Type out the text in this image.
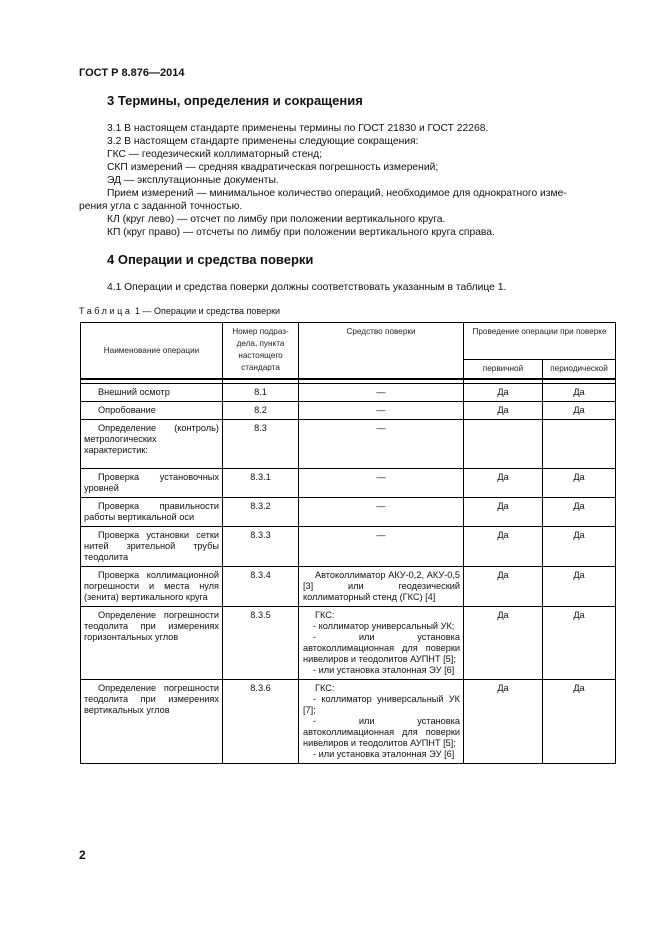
ГОСТ Р 8.876—2014
3 Термины, определения и сокращения
3.1 В настоящем стандарте применены термины по ГОСТ 21830 и ГОСТ 22268.
3.2 В настоящем стандарте применены следующие сокращения:
ГКС — геодезический коллиматорный стенд;
СКП измерений — средняя квадратическая погрешность измерений;
ЭД — эксплутационные документы.
Прием измерений — минимальное количество операций, необходимое для однократного изме-
рения угла с заданной точностью.
КЛ (круг лево) — отсчет по лимбу при положении вертикального круга.
КП (круг право) — отсчеты по лимбу при положении вертикального круга справа.
4 Операции и средства поверки
4.1 Операции и средства поверки должны соответствовать указанным в таблице 1.
Таблица 1 — Операции и средства поверки
Наименование операции	Номер подраз-дела, пункта настоящего стандарта	Средство поверки	Проведение операции при поверке	
			первичной	периодической

Внешний осмотр	8.1	—	Да	Да
Опробование	8.2	—	Да	Да
Определение (контроль) метрологических характеристик:	8.3	—		
Проверка установочных уровней	8.3.1	—	Да	Да
Проверка правильности работы вертикальной оси	8.3.2	—	Да	Да
Проверка установки сетки нитей зрительной трубы теодолита	8.3.3	—	Да	Да
Проверка коллимационной погрешности и места нуля (зенита) вертикального круга	8.3.4	Автоколлиматор АКУ-0,2, АКУ-0,5 [3] или геодезический коллиматорный стенд (ГКС) [4]	Да	Да
Определение погрешности теодолита при измерениях горизонтальных углов	8.3.5	ГКС:
- коллиматор универсальный УК;
- или установка автоколлимационная для поверки нивелиров и теодолитов АУПНТ [5];
- или установка эталонная ЭУ [6]	Да	Да
Определение погрешности теодолита при измерениях вертикальных углов	8.3.6	ГКС:
- коллиматор универсальный УК [7];
- или установка автоколлимационная для поверки нивелиров и теодолитов АУПНТ [5];
- или установка эталонная ЭУ [6]	Да	Да
2
